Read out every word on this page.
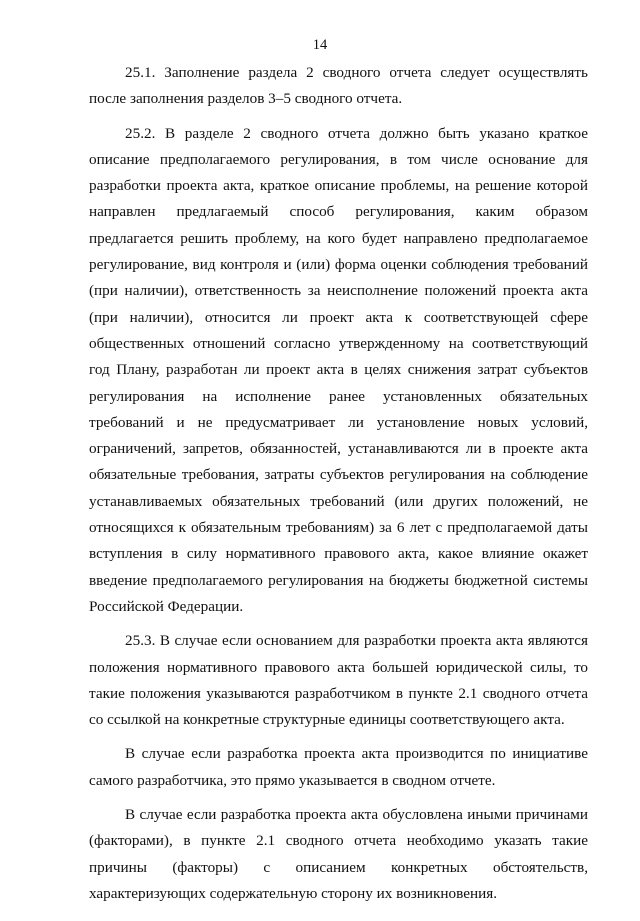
14

25.1. Заполнение раздела 2 сводного отчета следует осуществлять после заполнения разделов 3–5 сводного отчета.

25.2. В разделе 2 сводного отчета должно быть указано краткое описание предполагаемого регулирования, в том числе основание для разработки проекта акта, краткое описание проблемы, на решение которой направлен предлагаемый способ регулирования, каким образом предлагается решить проблему, на кого будет направлено предполагаемое регулирование, вид контроля и (или) форма оценки соблюдения требований (при наличии), ответственность за неисполнение положений проекта акта (при наличии), относится ли проект акта к соответствующей сфере общественных отношений согласно утвержденному на соответствующий год Плану, разработан ли проект акта в целях снижения затрат субъектов регулирования на исполнение ранее установленных обязательных требований и не предусматривает ли установление новых условий, ограничений, запретов, обязанностей, устанавливаются ли в проекте акта обязательные требования, затраты субъектов регулирования на соблюдение устанавливаемых обязательных требований (или других положений, не относящихся к обязательным требованиям) за 6 лет с предполагаемой даты вступления в силу нормативного правового акта, какое влияние окажет введение предполагаемого регулирования на бюджеты бюджетной системы Российской Федерации.

25.3. В случае если основанием для разработки проекта акта являются положения нормативного правового акта большей юридической силы, то такие положения указываются разработчиком в пункте 2.1 сводного отчета со ссылкой на конкретные структурные единицы соответствующего акта.

В случае если разработка проекта акта производится по инициативе самого разработчика, это прямо указывается в сводном отчете.

В случае если разработка проекта акта обусловлена иными причинами (факторами), в пункте 2.1 сводного отчета необходимо указать такие причины (факторы) с описанием конкретных обстоятельств, характеризующих содержательную сторону их возникновения.
